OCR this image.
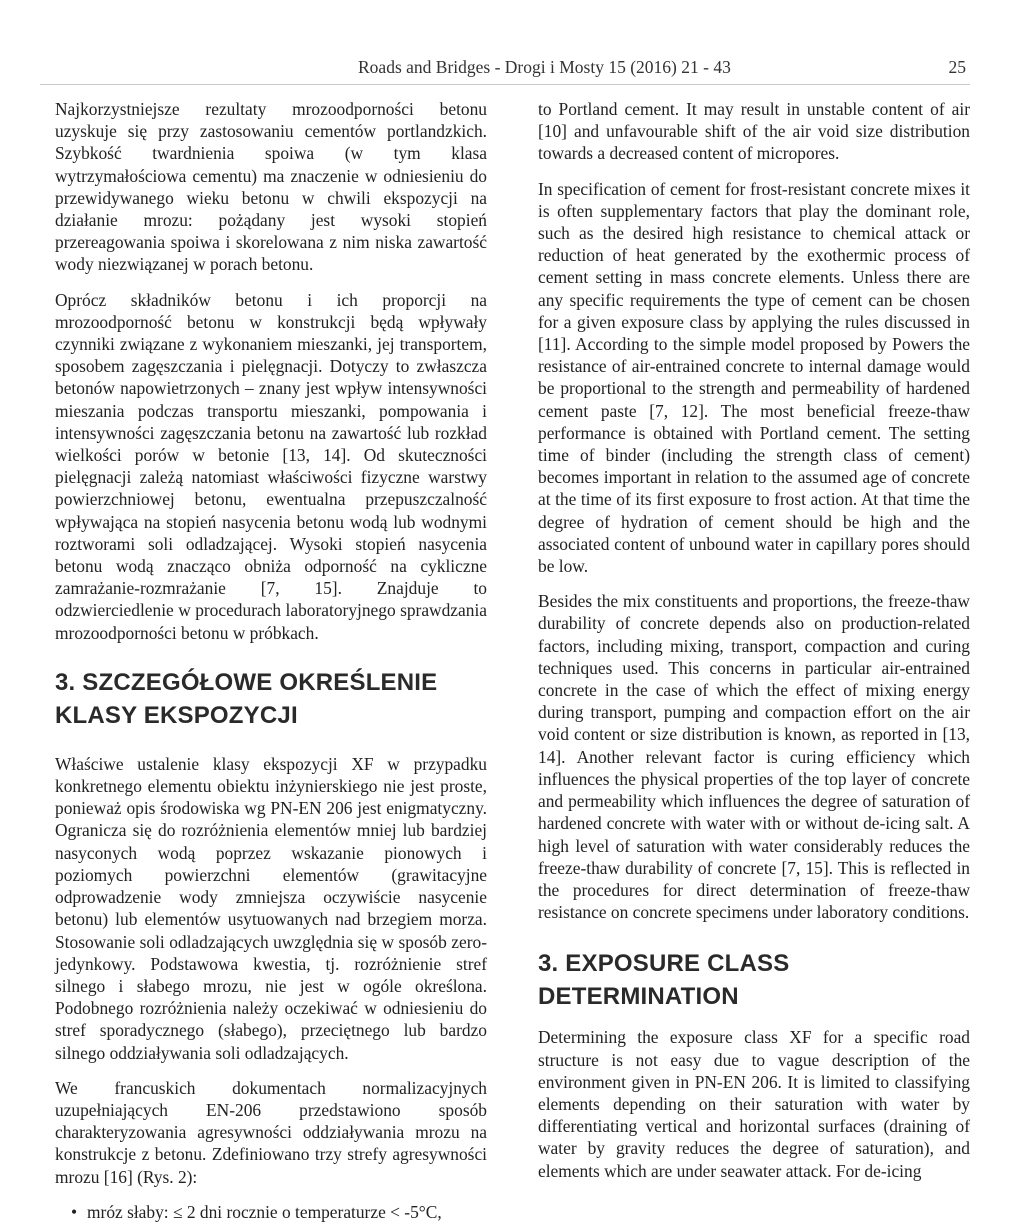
Roads and Bridges - Drogi i Mosty 15 (2016) 21 - 43	25

Najkorzystniejsze rezultaty mrozoodporności betonu uzyskuje się przy zastosowaniu cementów portlandzkich. Szybkość twardnienia spoiwa (w tym klasa wytrzymałościowa cementu) ma znaczenie w odniesieniu do przewidywanego wieku betonu w chwili ekspozycji na działanie mrozu: pożądany jest wysoki stopień przereagowania spoiwa i skorelowana z nim niska zawartość wody niezwiązanej w porach betonu.

Oprócz składników betonu i ich proporcji na mrozoodporność betonu w konstrukcji będą wpływały czynniki związane z wykonaniem mieszanki, jej transportem, sposobem zagęszczania i pielęgnacji. Dotyczy to zwłaszcza betonów napowietrzonych – znany jest wpływ intensywności mieszania podczas transportu mieszanki, pompowania i intensywności zagęszczania betonu na zawartość lub rozkład wielkości porów w betonie [13, 14]. Od skuteczności pielęgnacji zależą natomiast właściwości fizyczne warstwy powierzchniowej betonu, ewentualna przepuszczalność wpływająca na stopień nasycenia betonu wodą lub wodnymi roztworami soli odladzającej. Wysoki stopień nasycenia betonu wodą znacząco obniża odporność na cykliczne zamrażanie-rozmrażanie [7, 15]. Znajduje to odzwierciedlenie w procedurach laboratoryjnego sprawdzania mrozoodporności betonu w próbkach.

3. SZCZEGÓŁOWE OKREŚLENIE KLASY EKSPOZYCJI

Właściwe ustalenie klasy ekspozycji XF w przypadku konkretnego elementu obiektu inżynierskiego nie jest proste, ponieważ opis środowiska wg PN-EN 206 jest enigmatyczny. Ogranicza się do rozróżnienia elementów mniej lub bardziej nasyconych wodą poprzez wskazanie pionowych i poziomych powierzchni elementów (grawitacyjne odprowadzenie wody zmniejsza oczywiście nasycenie betonu) lub elementów usytuowanych nad brzegiem morza. Stosowanie soli odladzających uwzględnia się w sposób zero-jedynkowy. Podstawowa kwestia, tj. rozróżnienie stref silnego i słabego mrozu, nie jest w ogóle określona. Podobnego rozróżnienia należy oczekiwać w odniesieniu do stref sporadycznego (słabego), przeciętnego lub bardzo silnego oddziaływania soli odladzających.

We francuskich dokumentach normalizacyjnych uzupełniających EN-206 przedstawiono sposób charakteryzowania agresywności oddziaływania mrozu na konstrukcje z betonu. Zdefiniowano trzy strefy agresywności mrozu [16] (Rys. 2):

• mróz słaby: ≤ 2 dni rocznie o temperaturze < -5°C,

to Portland cement. It may result in unstable content of air [10] and unfavourable shift of the air void size distribution towards a decreased content of micropores.

In specification of cement for frost-resistant concrete mixes it is often supplementary factors that play the dominant role, such as the desired high resistance to chemical attack or reduction of heat generated by the exothermic process of cement setting in mass concrete elements. Unless there are any specific requirements the type of cement can be chosen for a given exposure class by applying the rules discussed in [11]. According to the simple model proposed by Powers the resistance of air-entrained concrete to internal damage would be proportional to the strength and permeability of hardened cement paste [7, 12]. The most beneficial freeze-thaw performance is obtained with Portland cement. The setting time of binder (including the strength class of cement) becomes important in relation to the assumed age of concrete at the time of its first exposure to frost action. At that time the degree of hydration of cement should be high and the associated content of unbound water in capillary pores should be low.

Besides the mix constituents and proportions, the freeze-thaw durability of concrete depends also on production-related factors, including mixing, transport, compaction and curing techniques used. This concerns in particular air-entrained concrete in the case of which the effect of mixing energy during transport, pumping and compaction effort on the air void content or size distribution is known, as reported in [13, 14]. Another relevant factor is curing efficiency which influences the physical properties of the top layer of concrete and permeability which influences the degree of saturation of hardened concrete with water with or without de-icing salt. A high level of saturation with water considerably reduces the freeze-thaw durability of concrete [7, 15]. This is reflected in the procedures for direct determination of freeze-thaw resistance on concrete specimens under laboratory conditions.

3. EXPOSURE CLASS DETERMINATION

Determining the exposure class XF for a specific road structure is not easy due to vague description of the environment given in PN-EN 206. It is limited to classifying elements depending on their saturation with water by differentiating vertical and horizontal surfaces (draining of water by gravity reduces the degree of saturation), and elements which are under seawater attack. For de-icing
